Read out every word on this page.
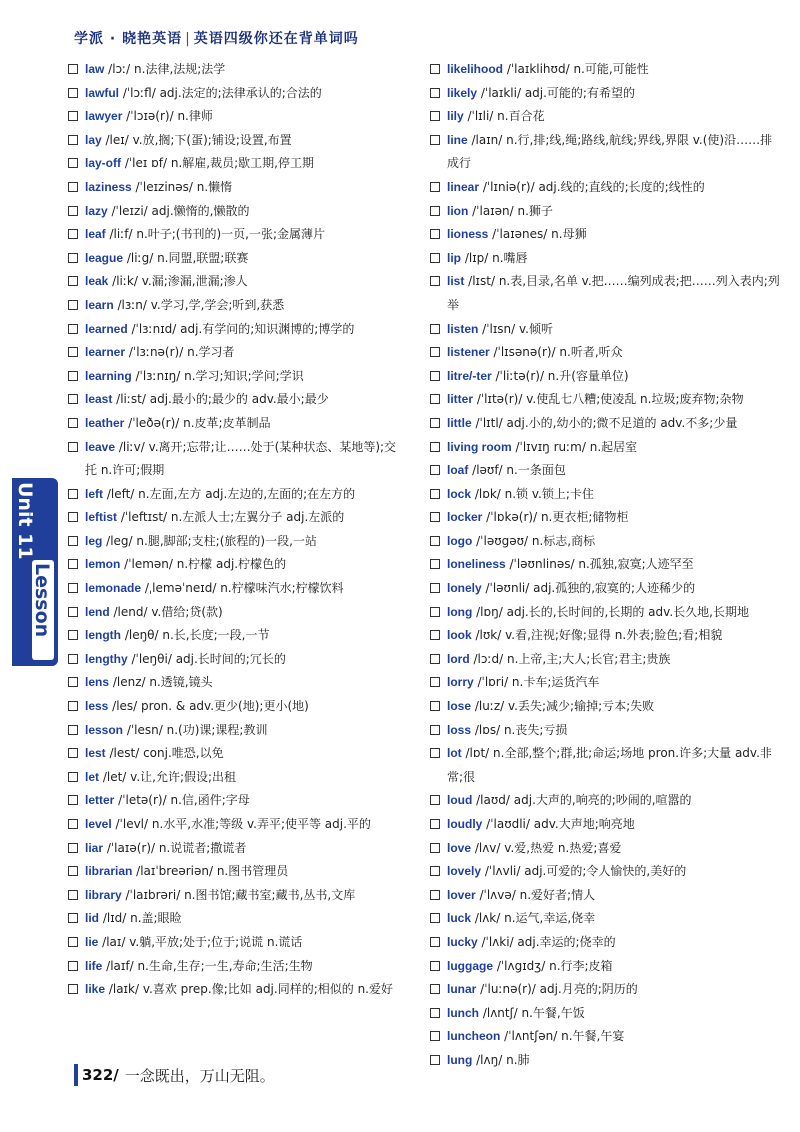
学派 · 晓艳英语 | 英语四级你还在背单词吗
law /lɔː/ n.法律,法规;法学
lawful /ˈlɔːfl/ adj.法定的;法律承认的;合法的
lawyer /ˈlɔɪə(r)/ n.律师
lay /leɪ/ v.放,搁;下(蛋);铺设;设置,布置
lay-off /ˈleɪ ɒf/ n.解雇,裁员;歇工期,停工期
laziness /ˈleɪzinəs/ n.懒惰
lazy /ˈleɪzi/ adj.懒惰的,懒散的
leaf /liːf/ n.叶子;(书刊的)一页,一张;金属薄片
league /liːg/ n.同盟,联盟;联赛
leak /liːk/ v.漏;渗漏,泄漏;渗人
learn /lɜːn/ v.学习,学,学会;听到,获悉
learned /ˈlɜːnɪd/ adj.有学问的;知识渊博的;博学的
learner /ˈlɜːnə(r)/ n.学习者
learning /ˈlɜːnɪŋ/ n.学习;知识;学问;学识
least /liːst/ adj.最小的;最少的 adv.最小;最少
leather /ˈleðə(r)/ n.皮革;皮革制品
leave /liːv/ v.离开;忘带;让……处于(某种状态、某地等);交托 n.许可;假期
left /left/ n.左面,左方 adj.左边的,左面的;在左方的
leftist /ˈleftɪst/ n.左派人士;左翼分子 adj.左派的
leg /leg/ n.腿,脚部;支柱;(旅程的)一段,一站
lemon /ˈlemən/ n.柠檬 adj.柠檬色的
lemonade /ˌleməˈneɪd/ n.柠檬味汽水;柠檬饮料
lend /lend/ v.借给;贷(款)
length /leŋθ/ n.长,长度;一段,一节
lengthy /ˈleŋθi/ adj.长时间的;冗长的
lens /lenz/ n.透镜,镜头
less /les/ pron. & adv.更少(地);更小(地)
lesson /ˈlesn/ n.(功)课;课程;教训
lest /lest/ conj.唯恐,以免
let /let/ v.让,允许;假设;出租
letter /ˈletə(r)/ n.信,函件;字母
level /ˈlevl/ n.水平,水准;等级 v.弄平;使平等 adj.平的
liar /ˈlaɪə(r)/ n.说谎者;撒谎者
librarian /laɪˈbreəriən/ n.图书管理员
library /ˈlaɪbrəri/ n.图书馆;藏书室;藏书,丛书,文库
lid /lɪd/ n.盖;眼睑
lie /laɪ/ v.躺,平放;处于;位于;说谎 n.谎话
life /laɪf/ n.生命,生存;一生,寿命;生活;生物
like /laɪk/ v.喜欢 prep.像;比如 adj.同样的;相似的 n.爱好
likelihood /ˈlaɪklihʊd/ n.可能,可能性
likely /ˈlaɪkli/ adj.可能的;有希望的
lily /ˈlɪli/ n.百合花
line /laɪn/ n.行,排;线,绳;路线,航线;界线,界限 v.(使)沿……排成行
linear /ˈlɪniə(r)/ adj.线的;直线的;长度的;线性的
lion /ˈlaɪən/ n.狮子
lioness /ˈlaɪənes/ n.母狮
lip /lɪp/ n.嘴唇
list /lɪst/ n.表,目录,名单 v.把……编列成表;把……列入表内;列举
listen /ˈlɪsn/ v.倾听
listener /ˈlɪsənə(r)/ n.听者,听众
litre/-ter /ˈliːtə(r)/ n.升(容量单位)
litter /ˈlɪtə(r)/ v.使乱七八糟;使凌乱 n.垃圾;废弃物;杂物
little /ˈlɪtl/ adj.小的,幼小的;微不足道的 adv.不多;少量
living room /ˈlɪvɪŋ ruːm/ n.起居室
loaf /ləʊf/ n.一条面包
lock /lɒk/ n.锁 v.锁上;卡住
locker /ˈlɒkə(r)/ n.更衣柜;储物柜
logo /ˈləʊgəʊ/ n.标志,商标
loneliness /ˈləʊnlinəs/ n.孤独,寂寞;人迹罕至
lonely /ˈləʊnli/ adj.孤独的,寂寞的;人迹稀少的
long /lɒŋ/ adj.长的,长时间的,长期的 adv.长久地,长期地
look /lʊk/ v.看,注视;好像;显得 n.外表;脸色;看;相貌
lord /lɔːd/ n.上帝,主;大人;长官;君主;贵族
lorry /ˈlɒri/ n.卡车;运货汽车
lose /luːz/ v.丢失;减少;输掉;亏本;失败
loss /lɒs/ n.丧失;亏损
lot /lɒt/ n.全部,整个;群,批;命运;场地 pron.许多;大量 adv.非常;很
loud /laʊd/ adj.大声的,响亮的;吵闹的,喧嚣的
loudly /ˈlaʊdli/ adv.大声地;响亮地
love /lʌv/ v.爱,热爱 n.热爱;喜爱
lovely /ˈlʌvli/ adj.可爱的;令人愉快的,美好的
lover /ˈlʌvə/ n.爱好者;情人
luck /lʌk/ n.运气,幸运,侥幸
lucky /ˈlʌki/ adj.幸运的;侥幸的
luggage /ˈlʌgɪdʒ/ n.行李;皮箱
lunar /ˈluːnə(r)/ adj.月亮的;阴历的
lunch /lʌntʃ/ n.午餐,午饭
luncheon /ˈlʌntʃən/ n.午餐,午宴
lung /lʌŋ/ n.肺
Unit 11
Lesson 4
322/ 一念既出，万山无阻。
